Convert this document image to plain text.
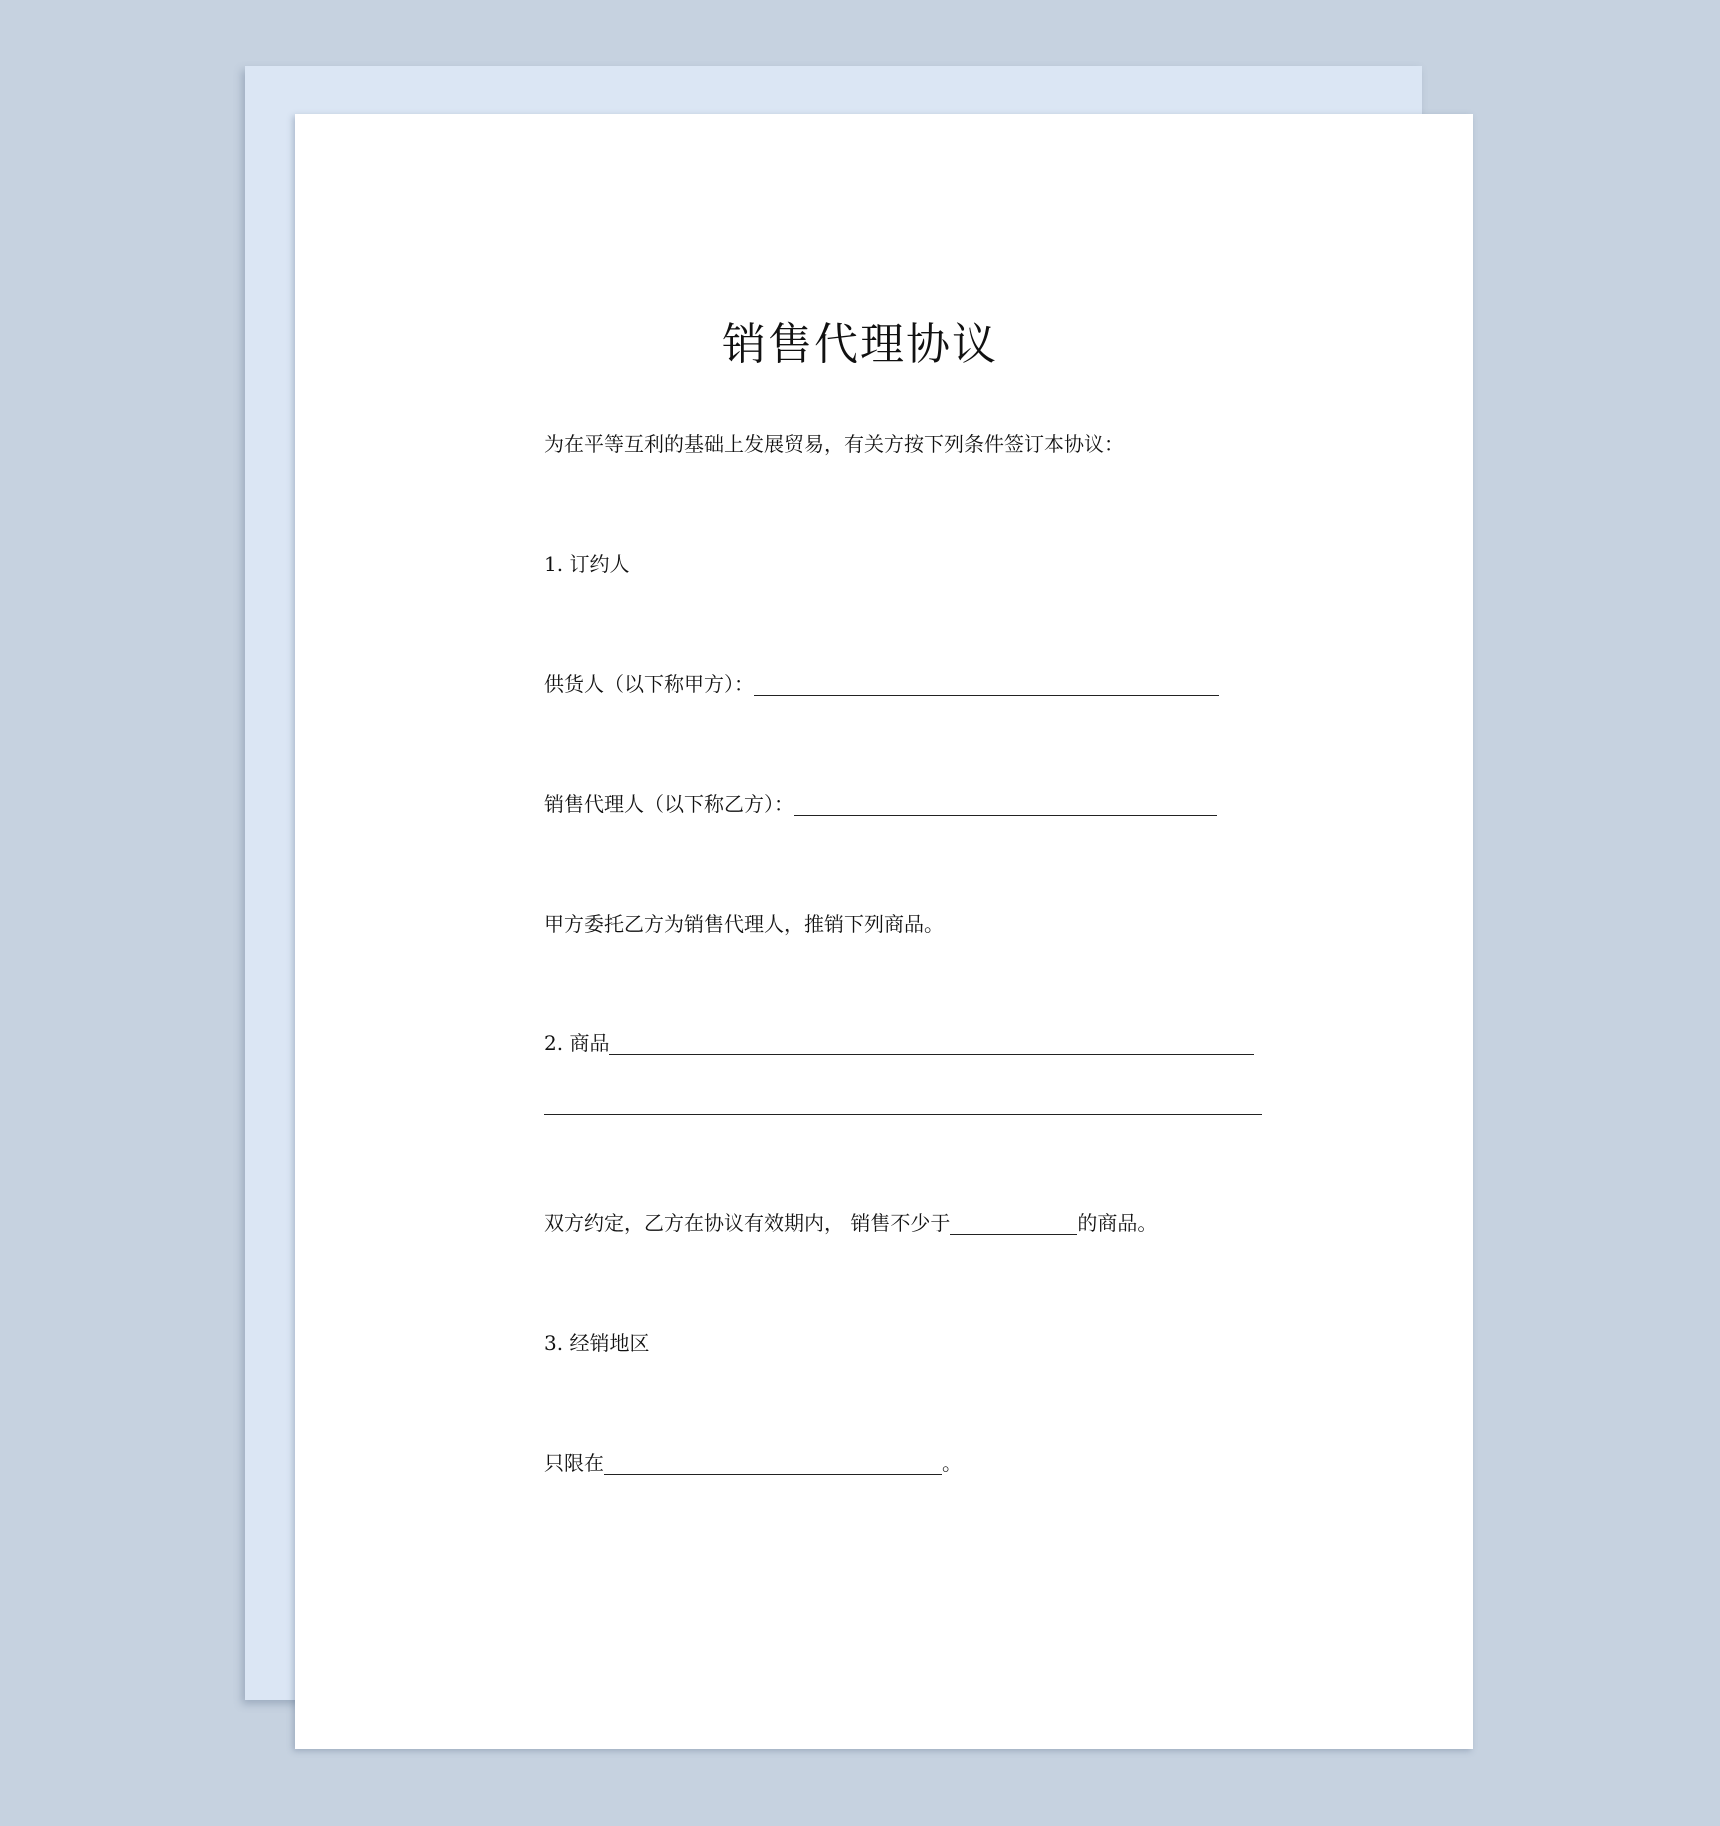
销售代理协议
为在平等互利的基础上发展贸易，有关方按下列条件签订本协议：
1. 订约人
供货人（以下称甲方）：
销售代理人（以下称乙方）：
甲方委托乙方为销售代理人，推销下列商品。
2. 商品
双方约定，乙方在协议有效期内， 销售不少于	的商品。
3. 经销地区
只限在	。
